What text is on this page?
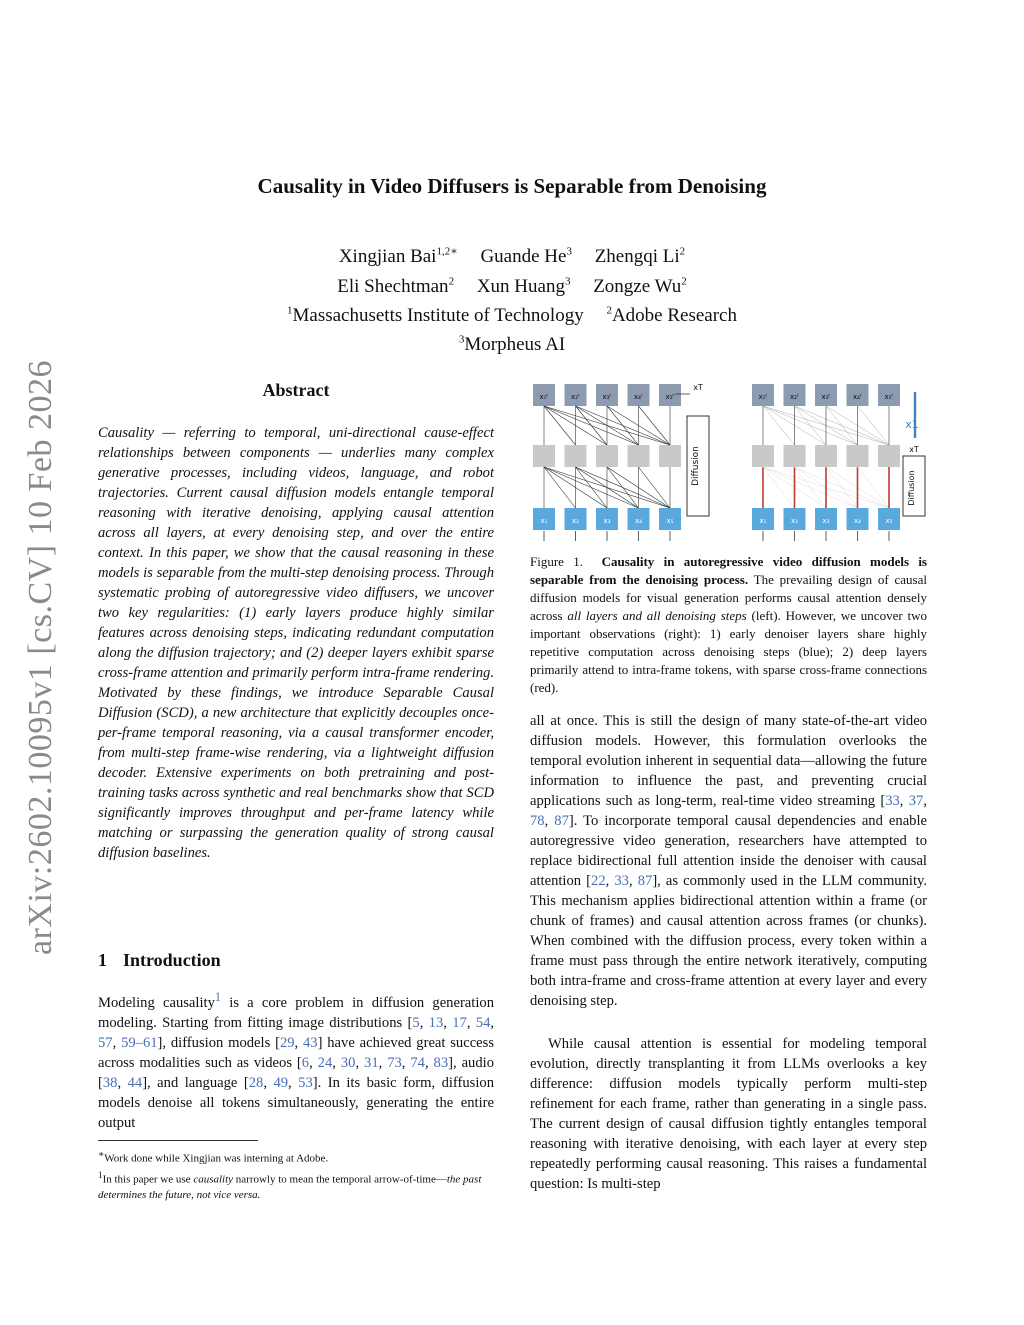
arXiv:2602.10095v1 [cs.CV] 10 Feb 2026
Causality in Video Diffusers is Separable from Denoising
Xingjian Bai$^{1,2∗}$ Guande He$^3$ Zhengqi Li$^2$
Eli Shechtman$^2$ Xun Huang$^3$ Zongze Wu$^2$
$^1$Massachusetts Institute of Technology $^2$Adobe Research
$^3$Morpheus AI
Abstract

Causality — referring to temporal, uni-directional cause-effect relationships between components — underlies many complex generative processes, including videos, language, and robot trajectories. Current causal diffusion models entangle temporal reasoning with iterative denoising, applying causal attention across all layers, at every denoising step, and over the entire context. In this paper, we show that the causal reasoning in these models is separable from the multi-step denoising process. Through systematic probing of autoregressive video diffusers, we uncover two key regularities: (1) early layers produce highly similar features across denoising steps, indicating redundant computation along the diffusion trajectory; and (2) deeper layers exhibit sparse cross-frame attention and primarily perform intra-frame rendering. Motivated by these findings, we introduce Separable Causal Diffusion (SCD), a new architecture that explicitly decouples once-per-frame temporal reasoning, via a causal transformer encoder, from multi-step frame-wise rendering, via a lightweight diffusion decoder. Extensive experiments on both pretraining and post-training tasks across synthetic and real benchmarks show that SCD significantly improves throughput and per-frame latency while matching or surpassing the generation quality of strong causal diffusion baselines.

1 Introduction

Modeling causality$^1$ is a core problem in diffusion generation modeling. Starting from fitting image distributions [5, 13, 17, 54, 57, 59–61], diffusion models [29, 43] have achieved great success across modalities such as videos [6, 24, 30, 31, 73, 74, 83], audio [38, 44], and language [28, 49, 53]. In its basic form, diffusion models denoise all tokens simultaneously, generating the entire output

∗Work done while Xingjian was interning at Adobe.
$^1$In this paper we use causality narrowly to mean the temporal arrow-of-time—the past determines the future, not vice versa.
x₁ᵗ	x₂ᵗ	x₃ᵗ	x₄ᵗ	x₅ᵗ
x₁	x₂	x₃	x₄	x₅
Diffusion
xT
x₁ᵗ	x₂ᵗ	x₃ᵗ	x₄ᵗ	x₅ᵗ
x₁	x₂	x₃	x₄	x₅
x1
Diffusion
xT

Figure 1. Causality in autoregressive video diffusion models is separable from the denoising process. The prevailing design of causal diffusion models for visual generation performs causal attention densely across all layers and all denoising steps (left). However, we uncover two important observations (right): 1) early denoiser layers share highly repetitive computation across denoising steps (blue); 2) deep layers primarily attend to intra-frame tokens, with sparse cross-frame connections (red).

all at once. This is still the design of many state-of-the-art video diffusion models. However, this formulation overlooks the temporal evolution inherent in sequential data—allowing the future information to influence the past, and preventing crucial applications such as long-term, real-time video streaming [33, 37, 78, 87]. To incorporate temporal causal dependencies and enable autoregressive video generation, researchers have attempted to replace bidirectional full attention inside the denoiser with causal attention [22, 33, 87], as commonly used in the LLM community. This mechanism applies bidirectional attention within a frame (or chunk of frames) and causal attention across frames (or chunks). When combined with the diffusion process, every token within a frame must pass through the entire network iteratively, computing both intra-frame and cross-frame attention at every layer and every denoising step.

While causal attention is essential for modeling temporal evolution, directly transplanting it from LLMs overlooks a key difference: diffusion models typically perform multi-step refinement for each frame, rather than generating in a single pass. The current design of causal diffusion tightly entangles temporal reasoning with iterative denoising, with each layer at every step repeatedly performing causal reasoning. This raises a fundamental question: Is multi-step
